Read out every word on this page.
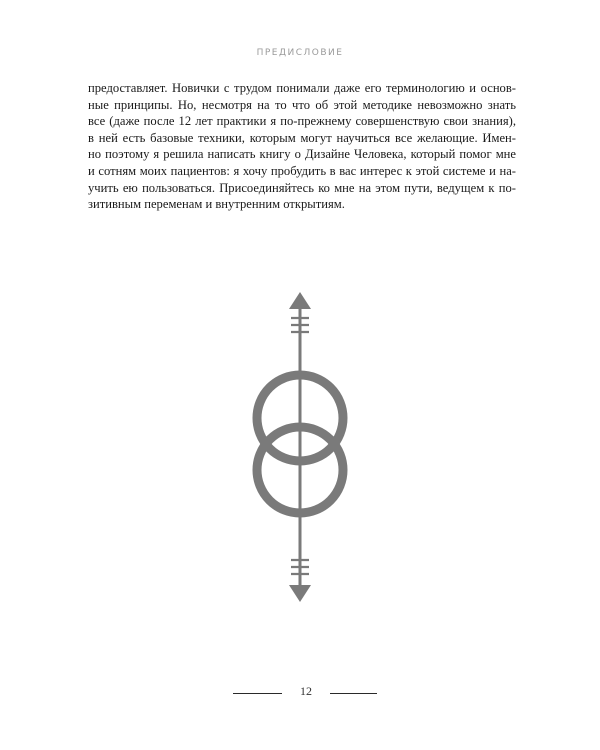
ПРЕДИСЛОВИЕ
предоставляет. Новички с трудом понимали даже его терминологию и основ-
ные принципы. Но, несмотря на то что об этой методике невозможно знать
все (даже после 12 лет практики я по-прежнему совершенствую свои знания),
в ней есть базовые техники, которым могут научиться все желающие. Имен-
но поэтому я решила написать книгу о Дизайне Человека, который помог мне
и сотням моих пациентов: я хочу пробудить в вас интерес к этой системе и на-
учить ею пользоваться. Присоединяйтесь ко мне на этом пути, ведущем к по-
зитивным переменам и внутренним открытиям.
12
